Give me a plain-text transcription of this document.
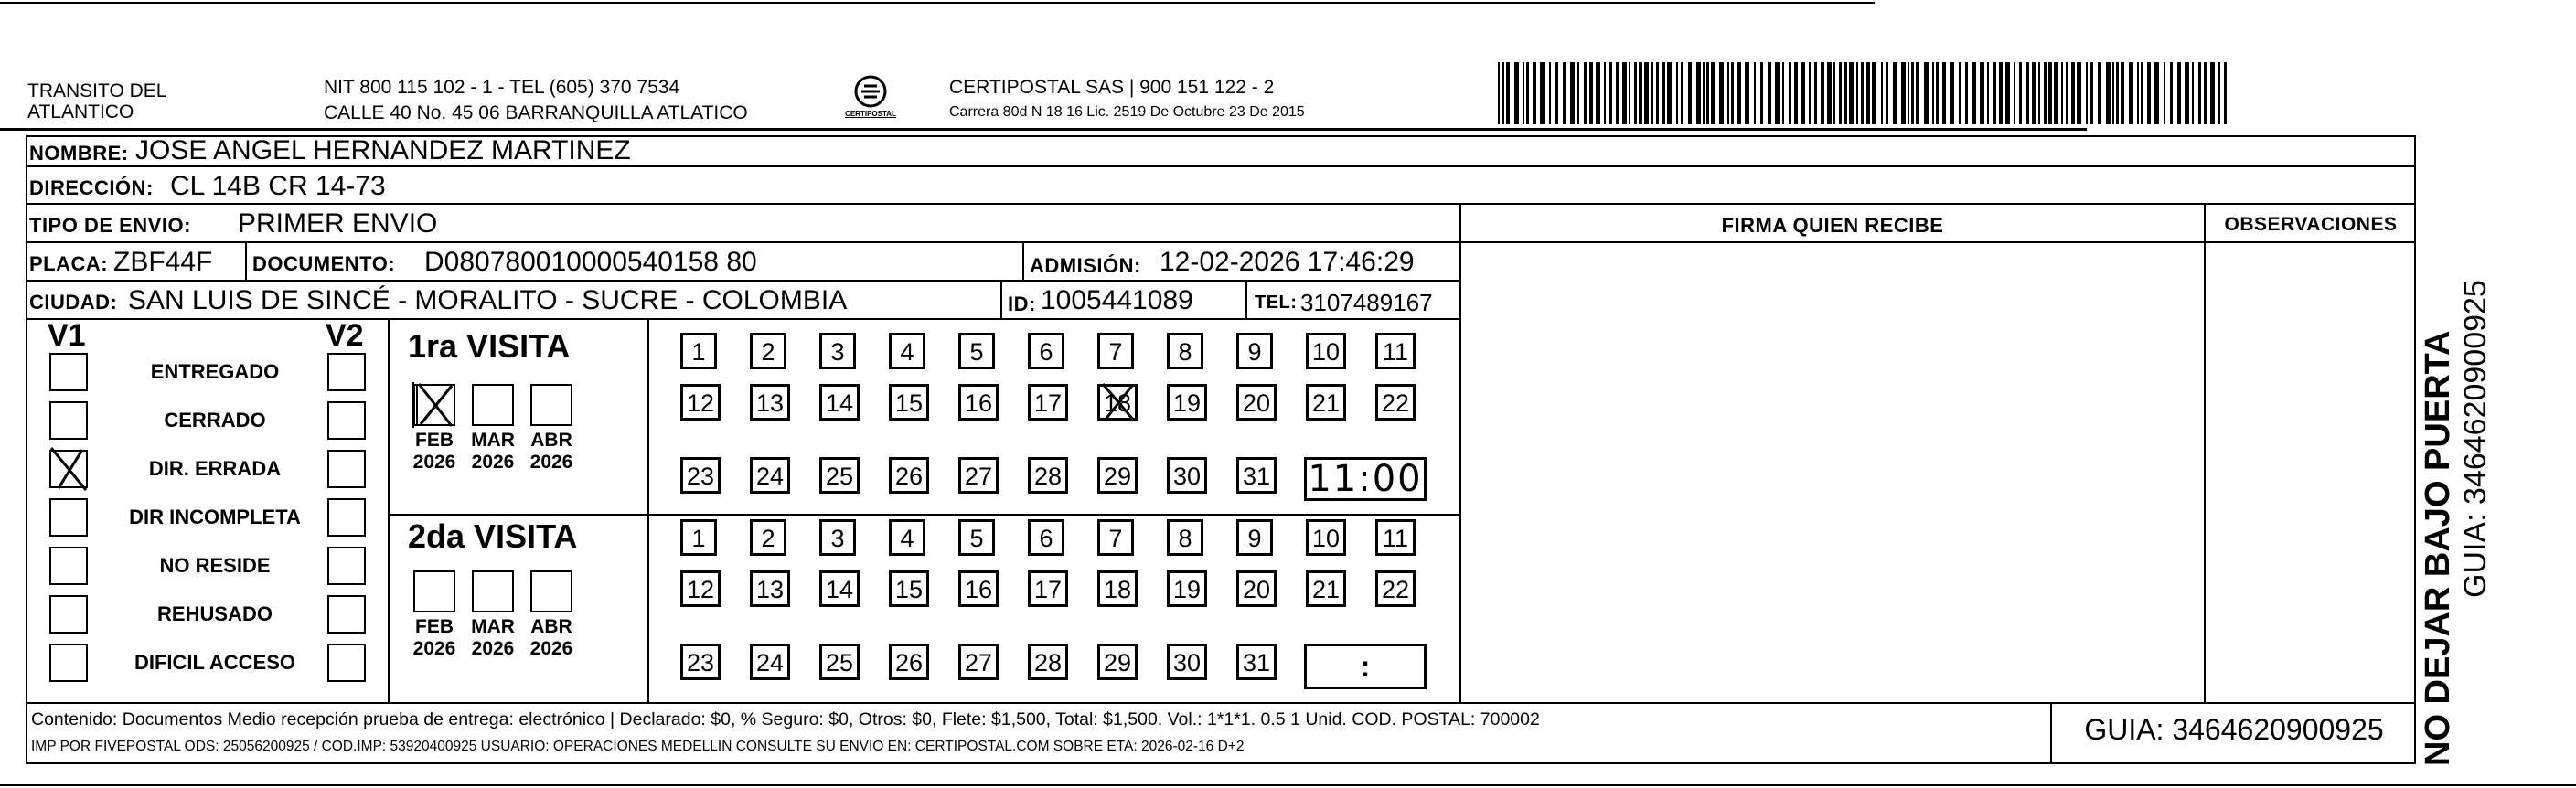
TRANSITO DEL
ATLANTICO
NIT 800 115 102 - 1 - TEL (605) 370 7534
CALLE 40 No. 45 06 BARRANQUILLA ATLATICO	CERTIPOSTAL
CERTIPOSTAL SAS | 900 151 122 - 2
Carrera 80d N 18 16 Lic. 2519 De Octubre 23 De 2015
NOMBRE: JOSE ANGEL HERNANDEZ MARTINEZ
DIRECCIÓN: CL 14B CR 14-73
TIPO DE ENVIO: PRIMER ENVIO
PLACA: ZBF44F DOCUMENTO: D080780010000540158 80	ADMISIÓN: 12-02-2026 17:46:29
CIUDAD: SAN LUIS DE SINCÉ - MORALITO - SUCRE - COLOMBIA	ID: 1005441089	TEL: 3107489167
FIRMA QUIEN RECIBE	OBSERVACIONES
V1	V2
ENTREGADO
CERRADO
DIR. ERRADA
DIR INCOMPLETA
NO RESIDE
REHUSADO
DIFICIL ACCESO
1ra VISITA
2da VISITA
FEB
2026
MAR
2026
ABR
2026
FEB
2026
MAR
2026
ABR
2026
1	2	3	4	5	6	7	8	9	10 11
12 13 14 15 16 17 18 19 20 21 22
23 24 25 26 27 28 29 30 31
1	2	3	4	5	6	7	8	9	10 11
12 13 14 15 16 17 18 19 20 21 22
23 24 25 26 27 28 29 30 31
11:00
:
Contenido: Documentos Medio recepción prueba de entrega: electrónico | Declarado: $0, % Seguro: $0, Otros: $0, Flete: $1,500, Total: $1,500. Vol.: 1*1*1. 0.5 1 Unid. COD. POSTAL: 700002
IMP POR FIVEPOSTAL ODS: 25056200925 / COD.IMP: 53920400925 USUARIO: OPERACIONES MEDELLIN CONSULTE SU ENVIO EN: CERTIPOSTAL.COM SOBRE ETA: 2026-02-16 D+2
GUIA: 3464620900925	NO DEJAR BAJO PUERTA GUIA: 3464620900925
